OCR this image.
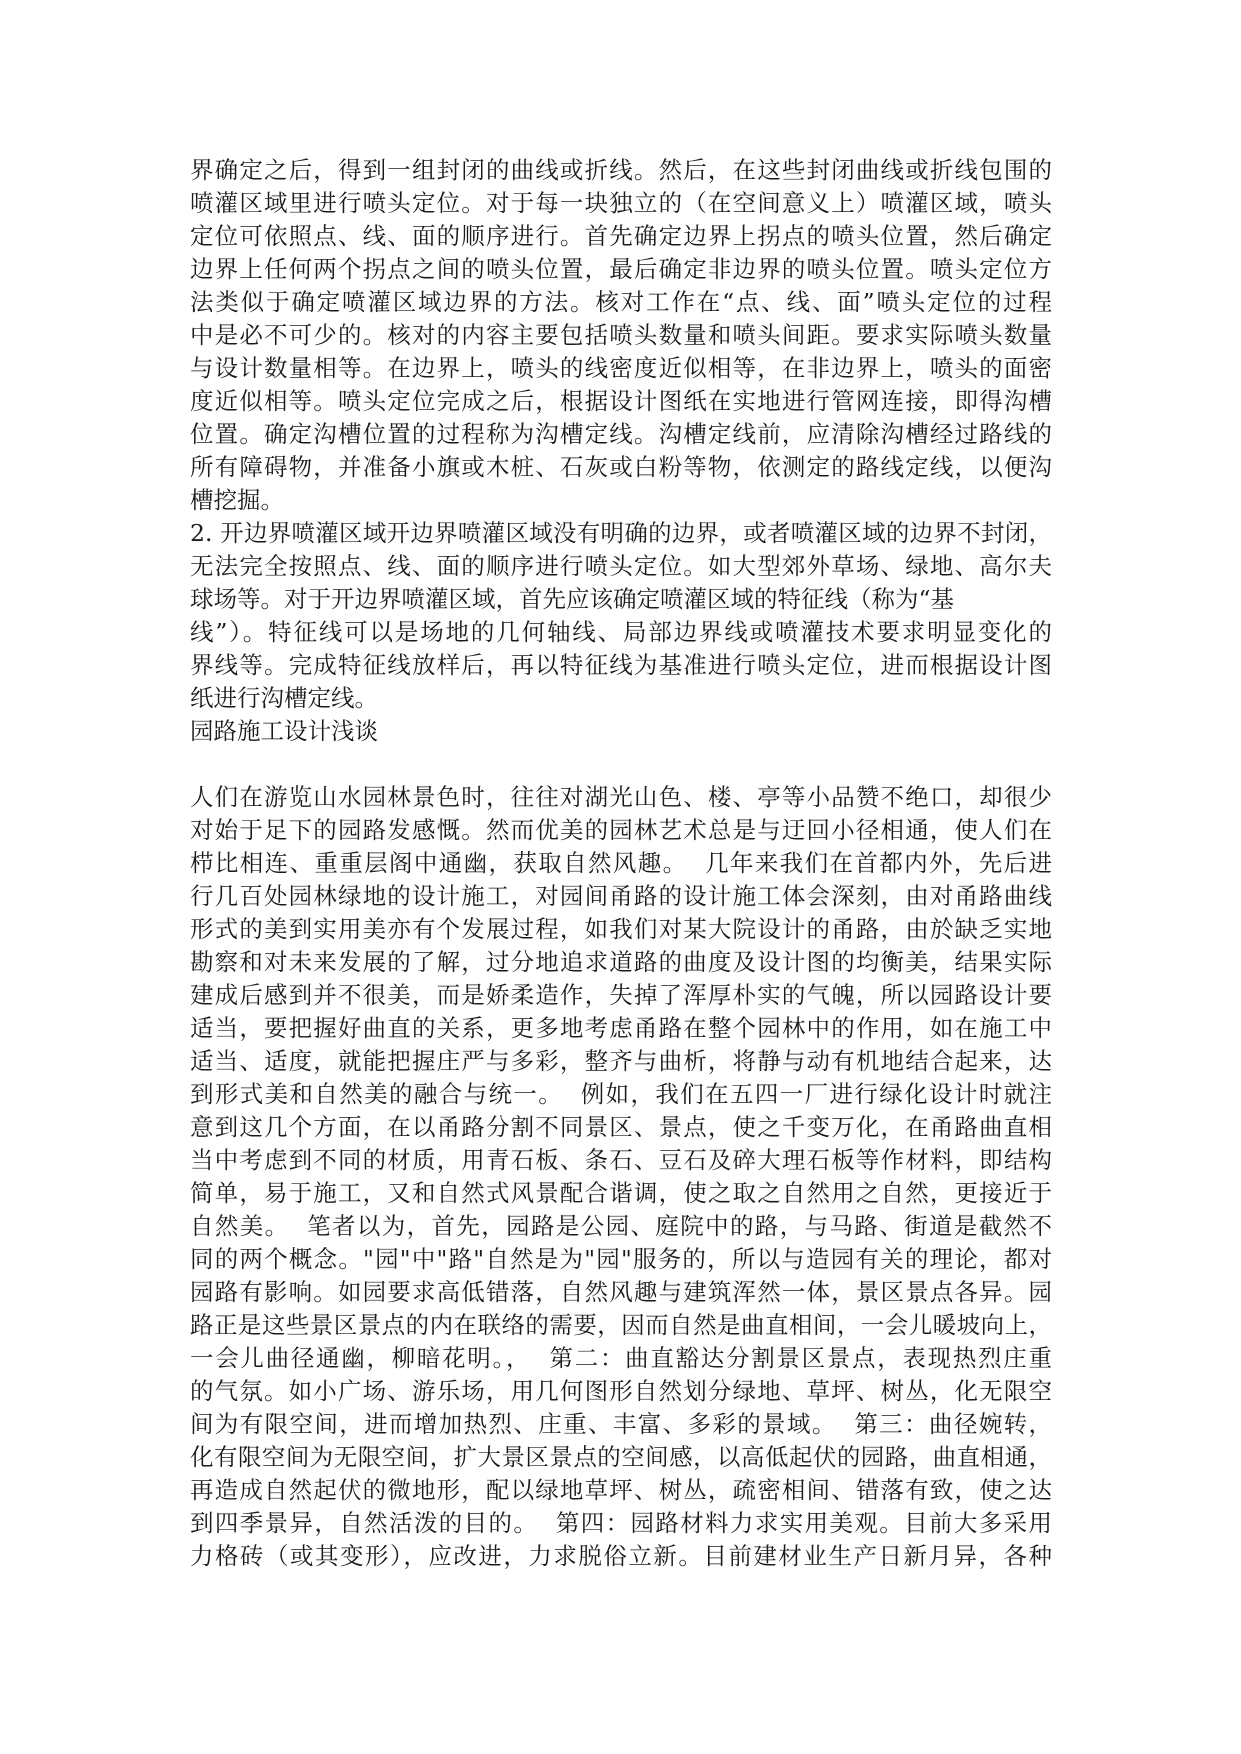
界确定之后，得到一组封闭的曲线或折线。然后，在这些封闭曲线或折线包围的
喷灌区域里进行喷头定位。对于每一块独立的（在空间意义上）喷灌区域，喷头
定位可依照点、线、面的顺序进行。首先确定边界上拐点的喷头位置，然后确定
边界上任何两个拐点之间的喷头位置，最后确定非边界的喷头位置。喷头定位方
法类似于确定喷灌区域边界的方法。核对工作在“点、线、面”喷头定位的过程
中是必不可少的。核对的内容主要包括喷头数量和喷头间距。要求实际喷头数量
与设计数量相等。在边界上，喷头的线密度近似相等，在非边界上，喷头的面密
度近似相等。喷头定位完成之后，根据设计图纸在实地进行管网连接，即得沟槽
位置。确定沟槽位置的过程称为沟槽定线。沟槽定线前，应清除沟槽经过路线的
所有障碍物，并准备小旗或木桩、石灰或白粉等物，依测定的路线定线，以便沟
槽挖掘。
2. 开边界喷灌区域开边界喷灌区域没有明确的边界，或者喷灌区域的边界不封闭，
无法完全按照点、线、面的顺序进行喷头定位。如大型郊外草场、绿地、高尔夫
球场等。对于开边界喷灌区域，首先应该确定喷灌区域的特征线（称为“基
线”）。特征线可以是场地的几何轴线、局部边界线或喷灌技术要求明显变化的
界线等。完成特征线放样后，再以特征线为基准进行喷头定位，进而根据设计图
纸进行沟槽定线。
园路施工设计浅谈
人们在游览山水园林景色时，往往对湖光山色、楼、亭等小品赞不绝口，却很少
对始于足下的园路发感慨。然而优美的园林艺术总是与迂回小径相通，使人们在
栉比相连、重重层阁中通幽，获取自然风趣。  几年来我们在首都内外，先后进
行几百处园林绿地的设计施工，对园间甬路的设计施工体会深刻，由对甬路曲线
形式的美到实用美亦有个发展过程，如我们对某大院设计的甬路，由於缺乏实地
勘察和对未来发展的了解，过分地追求道路的曲度及设计图的均衡美，结果实际
建成后感到并不很美，而是娇柔造作，失掉了浑厚朴实的气魄，所以园路设计要
适当，要把握好曲直的关系，更多地考虑甬路在整个园林中的作用，如在施工中
适当、适度，就能把握庄严与多彩，整齐与曲析，将静与动有机地结合起来，达
到形式美和自然美的融合与统一。  例如，我们在五四一厂进行绿化设计时就注
意到这几个方面，在以甬路分割不同景区、景点，使之千变万化，在甬路曲直相
当中考虑到不同的材质，用青石板、条石、豆石及碎大理石板等作材料，即结构
简单，易于施工，又和自然式风景配合谐调，使之取之自然用之自然，更接近于
自然美。  笔者以为，首先，园路是公园、庭院中的路，与马路、街道是截然不
同的两个概念。"园"中"路"自然是为"园"服务的，所以与造园有关的理论，都对
园路有影响。如园要求高低错落，自然风趣与建筑浑然一体，景区景点各异。园
路正是这些景区景点的内在联络的需要，因而自然是曲直相间，一会儿暖坡向上，
一会儿曲径通幽，柳暗花明。，  第二：曲直豁达分割景区景点，表现热烈庄重
的气氛。如小广场、游乐场，用几何图形自然划分绿地、草坪、树丛，化无限空
间为有限空间，进而增加热烈、庄重、丰富、多彩的景域。  第三：曲径婉转，
化有限空间为无限空间，扩大景区景点的空间感，以高低起伏的园路，曲直相通，
再造成自然起伏的微地形，配以绿地草坪、树丛，疏密相间、错落有致，使之达
到四季景异，自然活泼的目的。  第四：园路材料力求实用美观。目前大多采用
力格砖（或其变形），应改进，力求脱俗立新。目前建材业生产日新月异，各种
